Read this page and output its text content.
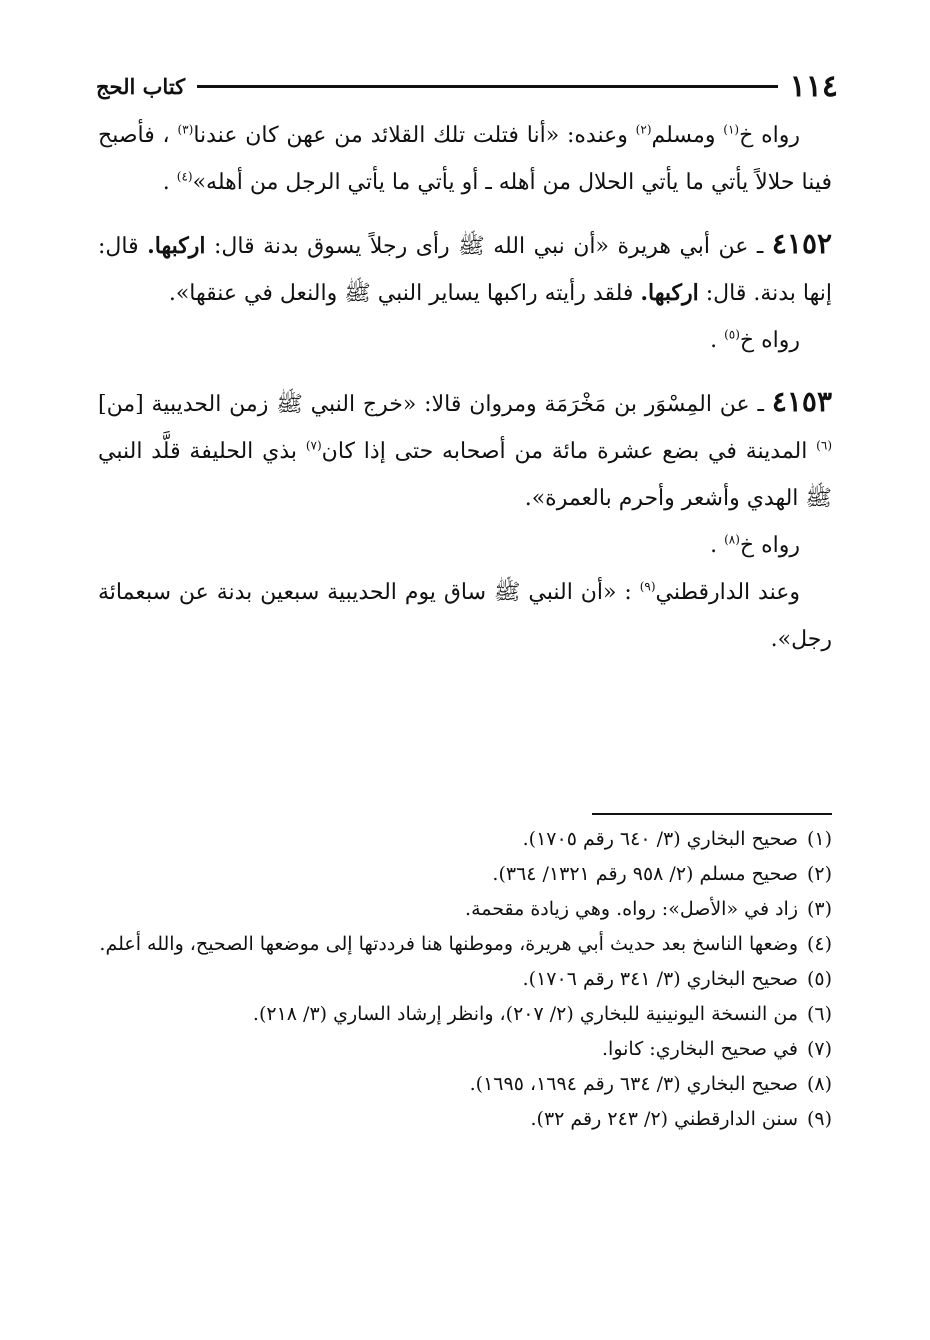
١١٤
كتاب الحج

رواه خ$^{(١)}$ ومسلم$^{(٢)}$ وعنده: «أنا فتلت تلك القلائد من عهن كان عندنا$^{(٣)}$ ، فأصبح فينا حلالاً يأتي ما يأتي الحلال من أهله ـ أو يأتي ما يأتي الرجل من أهله»$^{(٤)}$ .

٤١٥٢ ـ عن أبي هريرة «أن نبي الله ﷺ رأى رجلاً يسوق بدنة قال: اركبها. قال: إنها بدنة. قال: اركبها. فلقد رأيته راكبها يساير النبي ﷺ والنعل في عنقها».

رواه خ$^{(٥)}$ .

٤١٥٣ ـ عن المِسْوَر بن مَخْرَمَة ومروان قالا: «خرج النبي ﷺ زمن الحديبية [من]$^{(٦)}$ المدينة في بضع عشرة مائة من أصحابه حتى إذا كان$^{(٧)}$ بذي الحليفة قلَّد النبي ﷺ الهدي وأشعر وأحرم بالعمرة».

رواه خ$^{(٨)}$ .

وعند الدارقطني$^{(٩)}$ : «أن النبي ﷺ ساق يوم الحديبية سبعين بدنة عن سبعمائة رجل».

(١)
صحيح البخاري (٣/ ٦٤٠ رقم ١٧٠٥).
(٢)
صحيح مسلم (٢/ ٩٥٨ رقم ١٣٢١/ ٣٦٤).
(٣)
زاد في «الأصل»: رواه. وهي زيادة مقحمة.
(٤)
وضعها الناسخ بعد حديث أبي هريرة، وموطنها هنا فرددتها إلى موضعها الصحيح، والله أعلم.
(٥)
صحيح البخاري (٣/ ٣٤١ رقم ١٧٠٦).
(٦)
من النسخة اليونينية للبخاري (٢/ ٢٠٧)، وانظر إرشاد الساري (٣/ ٢١٨).
(٧)
في صحيح البخاري: كانوا.
(٨)
صحيح البخاري (٣/ ٦٣٤ رقم ١٦٩٤، ١٦٩٥).
(٩)
سنن الدارقطني (٢/ ٢٤٣ رقم ٣٢).
